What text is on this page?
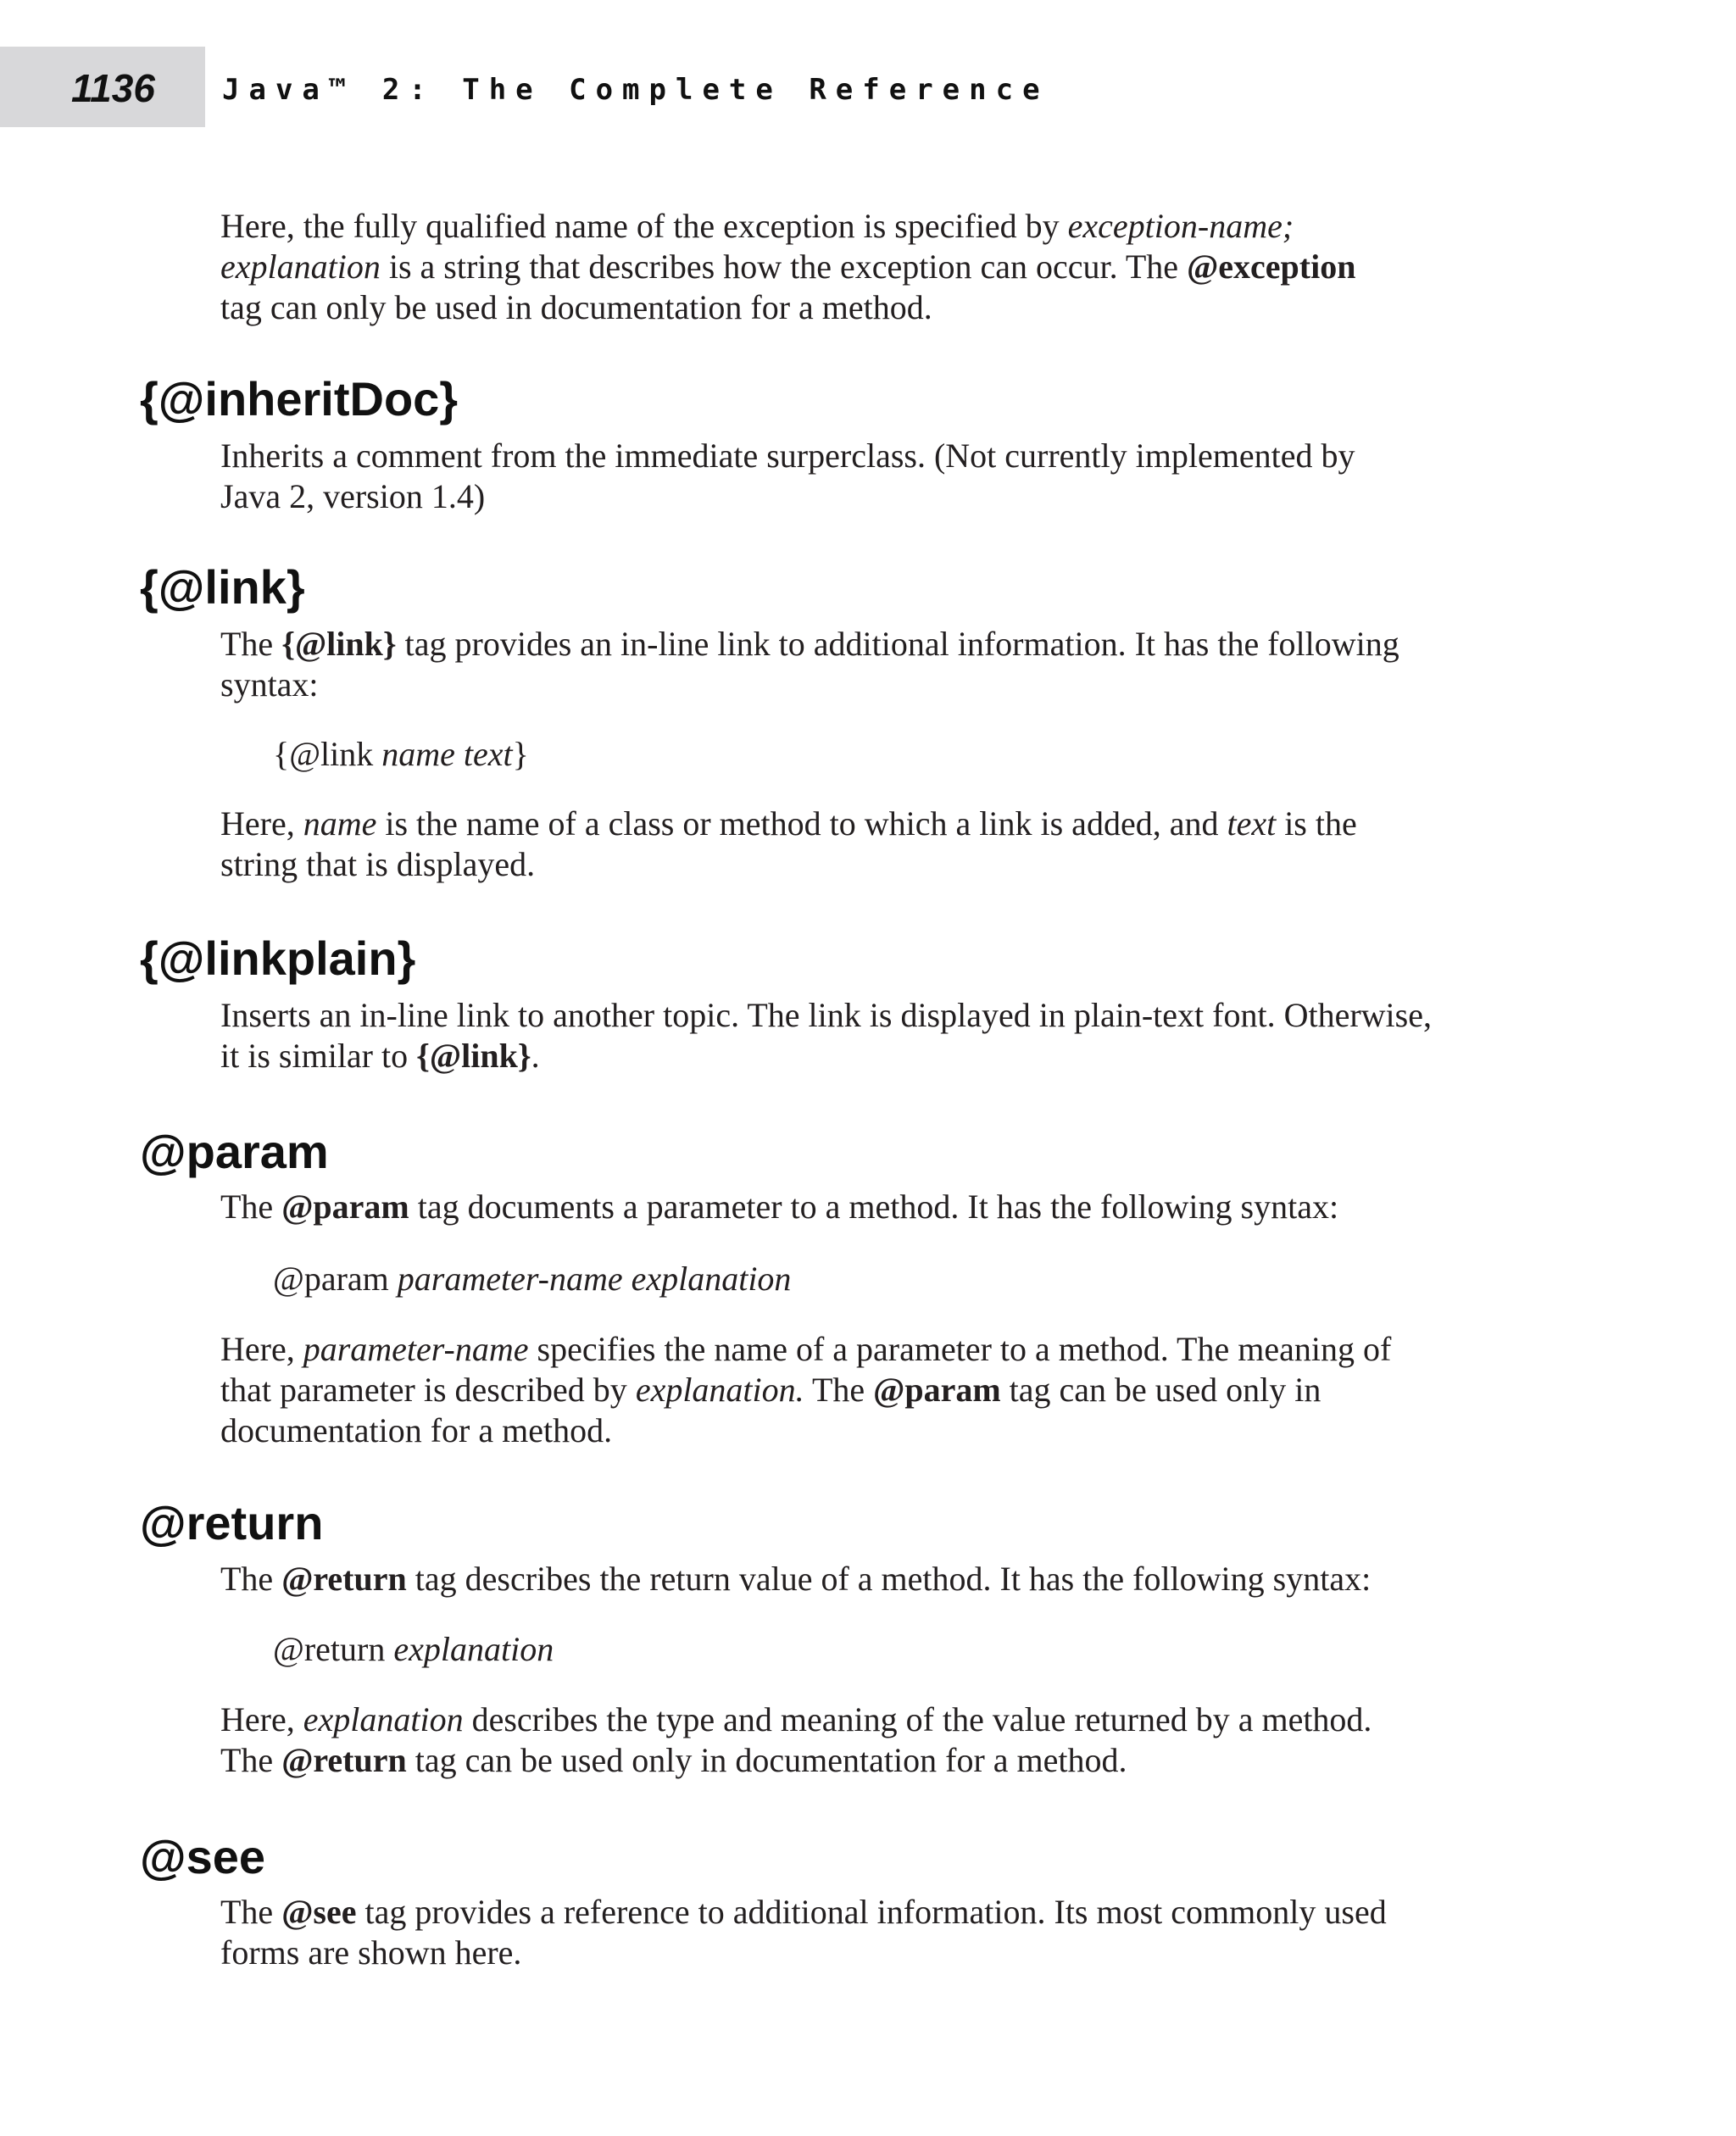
1136 Java™ 2: The Complete Reference

Here, the fully qualified name of the exception is specified by exception-name;
explanation is a string that describes how the exception can occur. The @exception
tag can only be used in documentation for a method.

{@inheritDoc}

Inherits a comment from the immediate surperclass. (Not currently implemented by
Java 2, version 1.4)

{@link}

The {@link} tag provides an in-line link to additional information. It has the following
syntax:

{@link name text}

Here, name is the name of a class or method to which a link is added, and text is the
string that is displayed.

{@linkplain}

Inserts an in-line link to another topic. The link is displayed in plain-text font. Otherwise,
it is similar to {@link}.

@param

The @param tag documents a parameter to a method. It has the following syntax:

@param parameter-name explanation

Here, parameter-name specifies the name of a parameter to a method. The meaning of
that parameter is described by explanation. The @param tag can be used only in
documentation for a method.

@return

The @return tag describes the return value of a method. It has the following syntax:

@return explanation

Here, explanation describes the type and meaning of the value returned by a method.
The @return tag can be used only in documentation for a method.

@see

The @see tag provides a reference to additional information. Its most commonly used
forms are shown here.
